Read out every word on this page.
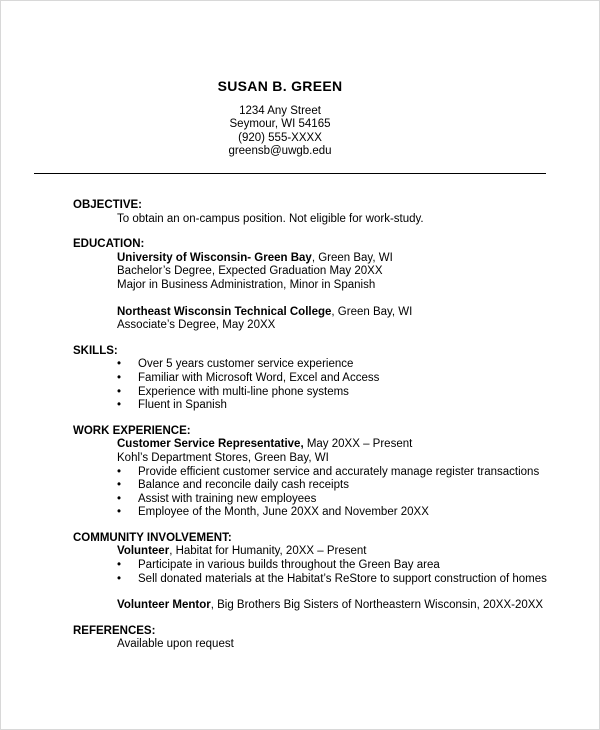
SUSAN B. GREEN
1234 Any Street
Seymour, WI 54165
(920) 555-XXXX
greensb@uwgb.edu
OBJECTIVE:
To obtain an on-campus position. Not eligible for work-study.
EDUCATION:
University of Wisconsin- Green Bay, Green Bay, WI
Bachelor’s Degree, Expected Graduation May 20XX
Major in Business Administration, Minor in Spanish
Northeast Wisconsin Technical College, Green Bay, WI
Associate’s Degree, May 20XX
SKILLS:
• Over 5 years customer service experience
• Familiar with Microsoft Word, Excel and Access
• Experience with multi-line phone systems
• Fluent in Spanish
WORK EXPERIENCE:
Customer Service Representative, May 20XX – Present
Kohl’s Department Stores, Green Bay, WI
• Provide efficient customer service and accurately manage register transactions
• Balance and reconcile daily cash receipts
• Assist with training new employees
• Employee of the Month, June 20XX and November 20XX
COMMUNITY INVOLVEMENT:
Volunteer, Habitat for Humanity, 20XX – Present
• Participate in various builds throughout the Green Bay area
• Sell donated materials at the Habitat’s ReStore to support construction of homes
Volunteer Mentor, Big Brothers Big Sisters of Northeastern Wisconsin, 20XX-20XX
REFERENCES:
Available upon request
